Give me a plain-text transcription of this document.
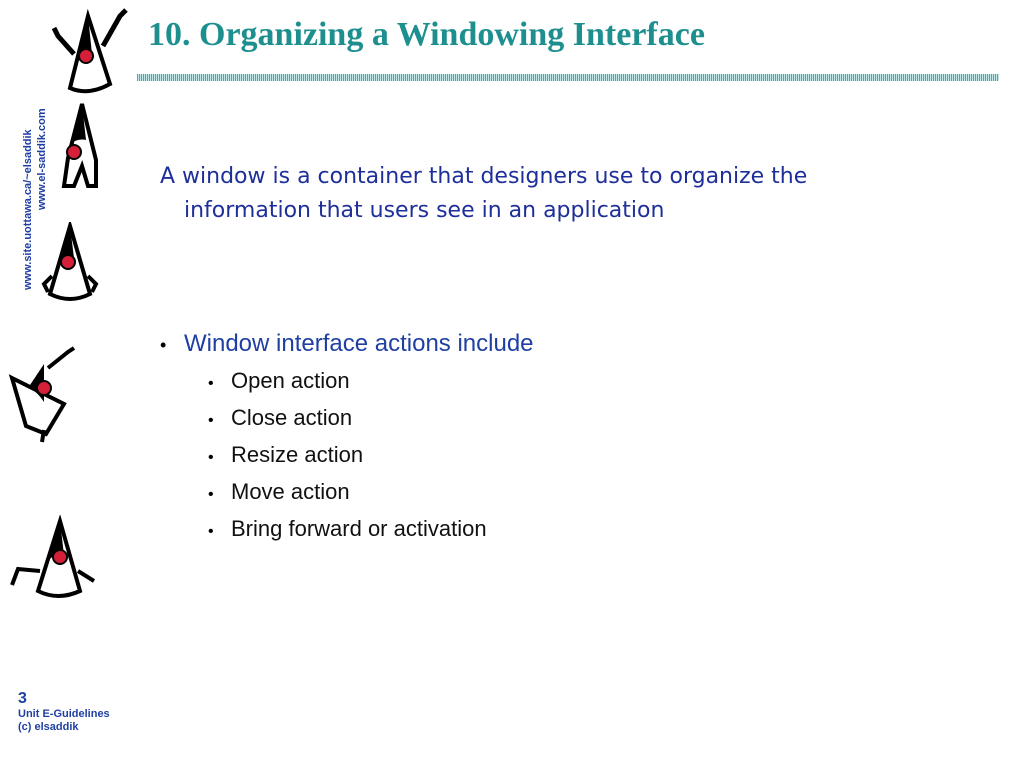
www.site.uottawa.ca/~elsaddik www.el-saddik.com
10. Organizing a Windowing Interface
A window is a container that designers use to organize the
information that users see in an application
• Window interface actions include
• Open action
• Close action
• Resize action
• Move action
• Bring forward or activation
3
Unit E-Guidelines
(c) elsaddik
